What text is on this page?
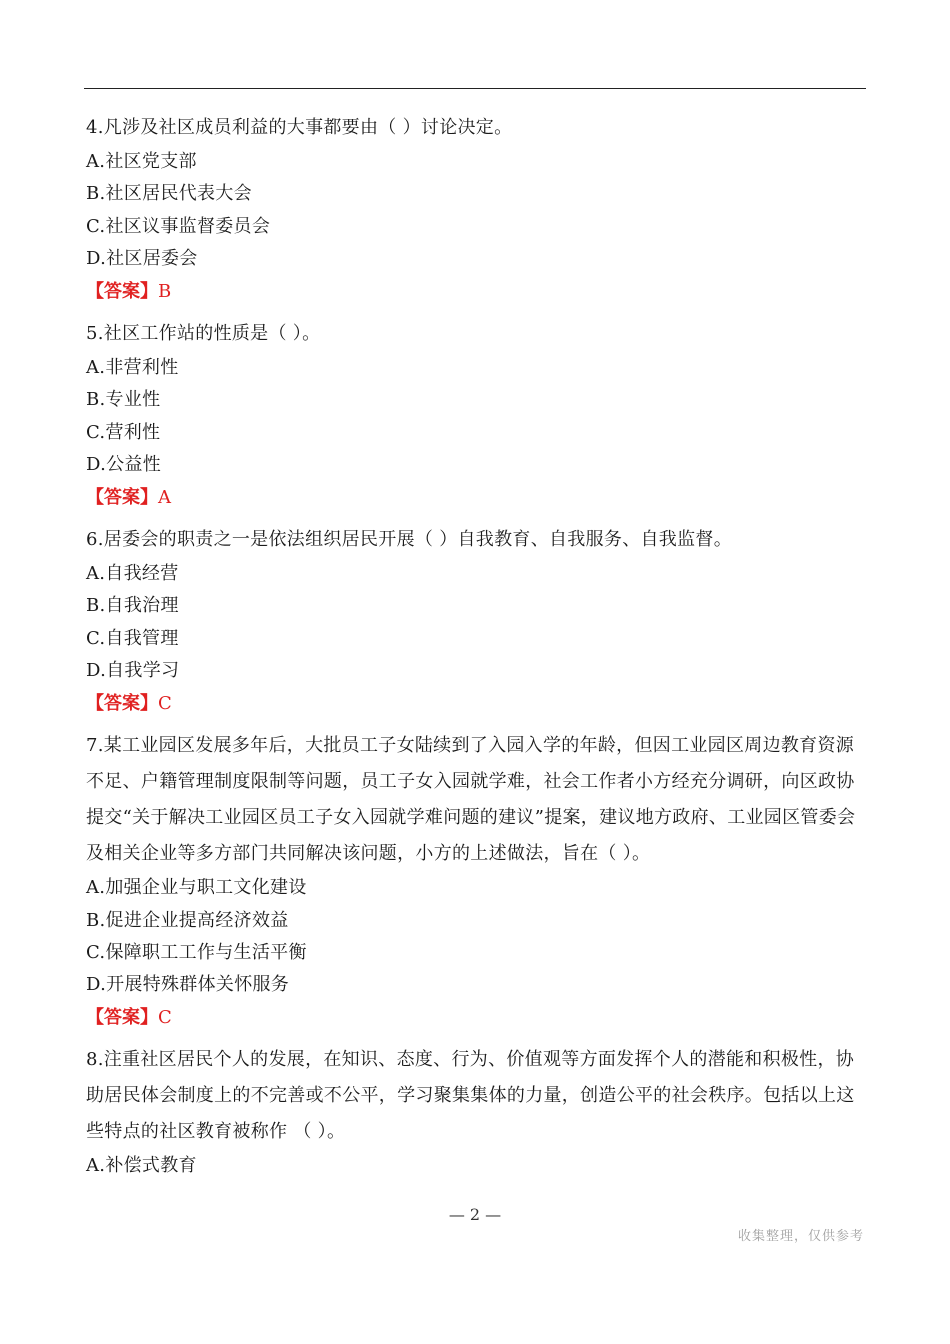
4.凡涉及社区成员利益的大事都要由（ ）讨论决定。

A.社区党支部

B.社区居民代表大会

C.社区议事监督委员会

D.社区居委会

【答案】B

5.社区工作站的性质是（ ）。

A.非营利性

B.专业性

C.营利性

D.公益性

【答案】A

6.居委会的职责之一是依法组织居民开展（ ）自我教育、自我服务、自我监督。

A.自我经营

B.自我治理

C.自我管理

D.自我学习

【答案】C

7.某工业园区发展多年后，大批员工子女陆续到了入园入学的年龄，但因工业园区周边教育资源不足、户籍管理制度限制等问题，员工子女入园就学难，社会工作者小方经充分调研，向区政协提交“关于解决工业园区员工子女入园就学难问题的建议”提案，建议地方政府、工业园区管委会及相关企业等多方部门共同解决该问题，小方的上述做法，旨在（ ）。

A.加强企业与职工文化建设

B.促进企业提高经济效益

C.保障职工工作与生活平衡

D.开展特殊群体关怀服务

【答案】C

8.注重社区居民个人的发展，在知识、态度、行为、价值观等方面发挥个人的潜能和积极性，协助居民体会制度上的不完善或不公平，学习聚集集体的力量，创造公平的社会秩序。包括以上这些特点的社区教育被称作 （ ）。

A.补偿式教育

— 2 —
收集整理，仅供参考
